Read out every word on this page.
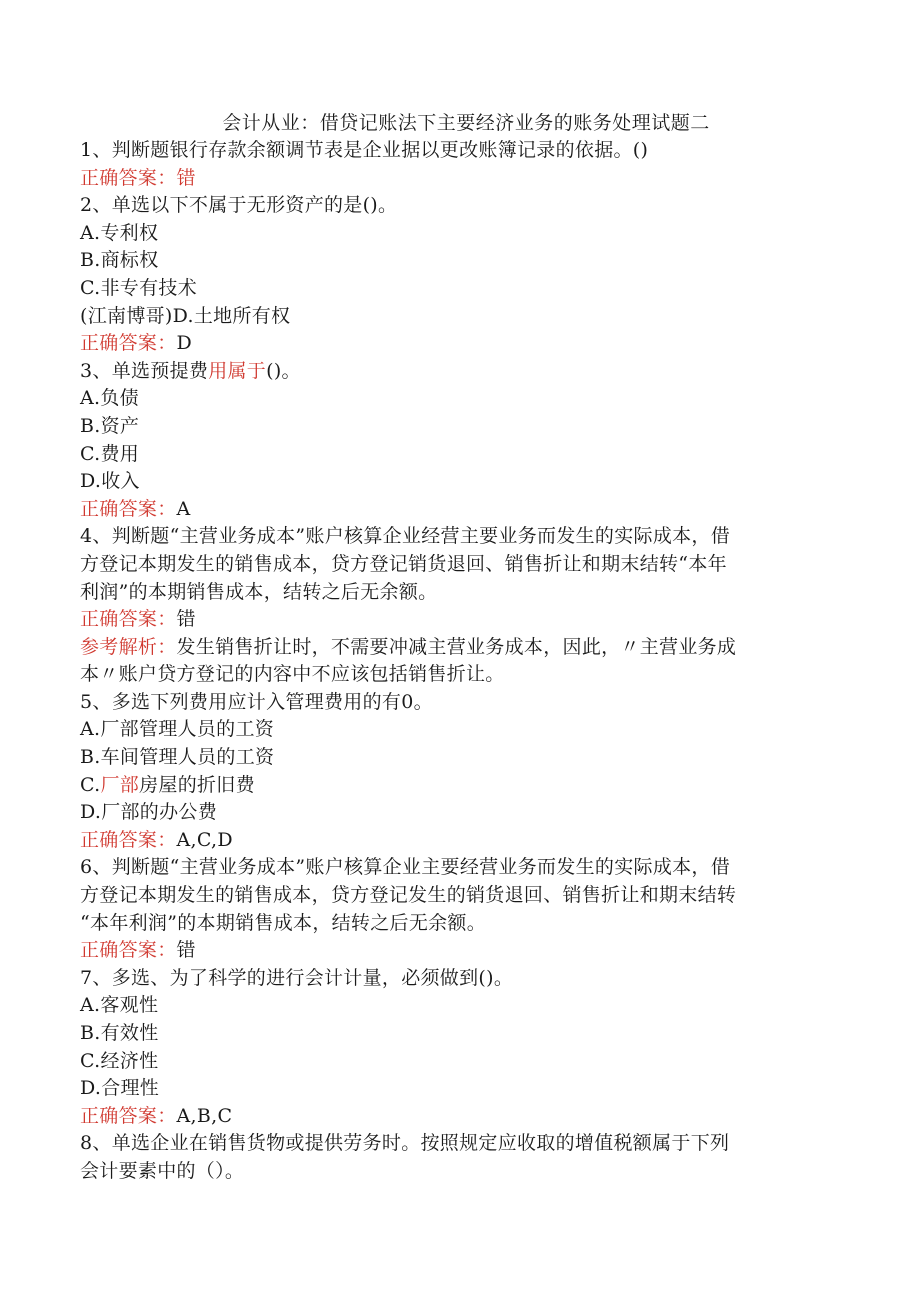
会计从业：借贷记账法下主要经济业务的账务处理试题二
1、判断题银行存款余额调节表是企业据以更改账簿记录的依据。()
正确答案：错
2、单选以下不属于无形资产的是()。
A.专利权
B.商标权
C.非专有技术
(江南博哥)D.土地所有权
正确答案：D
3、单选预提费用属于()。
A.负债
B.资产
C.费用
D.收入
正确答案：A
4、判断题“主营业务成本”账户核算企业经营主要业务而发生的实际成本，借
方登记本期发生的销售成本，贷方登记销货退回、销售折让和期末结转“本年
利润”的本期销售成本，结转之后无余额。
正确答案：错
参考解析：发生销售折让时，不需要冲减主营业务成本，因此，〃主营业务成
本〃账户贷方登记的内容中不应该包括销售折让。
5、多选下列费用应计入管理费用的有0。
A.厂部管理人员的工资
B.车间管理人员的工资
C.厂部房屋的折旧费
D.厂部的办公费
正确答案：A,C,D
6、判断题“主营业务成本”账户核算企业主要经营业务而发生的实际成本，借
方登记本期发生的销售成本，贷方登记发生的销货退回、销售折让和期末结转
“本年利润”的本期销售成本，结转之后无余额。
正确答案：错
7、多选、为了科学的进行会计计量，必须做到()。
A.客观性
B.有效性
C.经济性
D.合理性
正确答案：A,B,C
8、单选企业在销售货物或提供劳务时。按照规定应收取的增值税额属于下列
会计要素中的（）。
